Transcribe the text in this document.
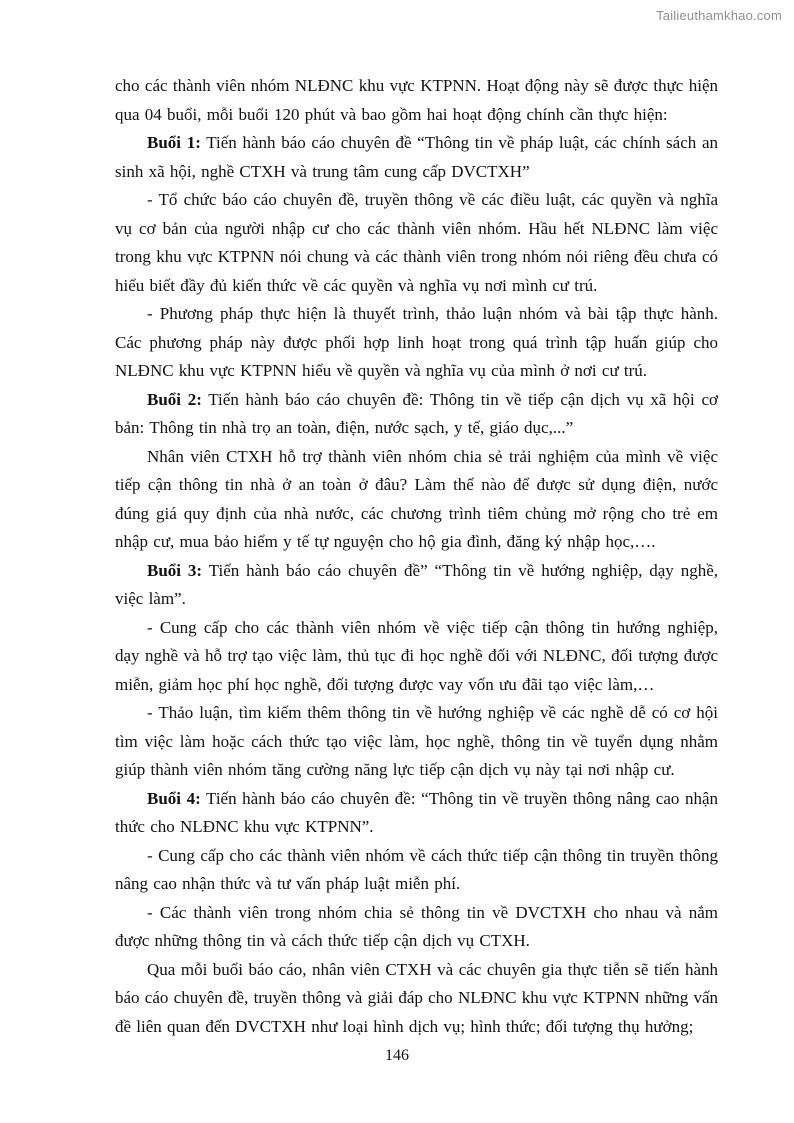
Tailieuthamkhao.com

cho các thành viên nhóm NLĐNC khu vực KTPNN. Hoạt động này sẽ được thực hiện qua 04 buổi, mỗi buổi 120 phút và bao gồm hai hoạt động chính cần thực hiện:

Buổi 1: Tiến hành báo cáo chuyên đề “Thông tin về pháp luật, các chính sách an sinh xã hội, nghề CTXH và trung tâm cung cấp DVCTXH”

- Tổ chức báo cáo chuyên đề, truyền thông về các điều luật, các quyền và nghĩa vụ cơ bản của người nhập cư cho các thành viên nhóm. Hầu hết NLĐNC làm việc trong khu vực KTPNN nói chung và các thành viên trong nhóm nói riêng đều chưa có hiểu biết đầy đủ kiến thức về các quyền và nghĩa vụ nơi mình cư trú.

- Phương pháp thực hiện là thuyết trình, thảo luận nhóm và bài tập thực hành. Các phương pháp này được phối hợp linh hoạt trong quá trình tập huấn giúp cho NLĐNC khu vực KTPNN hiểu về quyền và nghĩa vụ của mình ở nơi cư trú.

Buổi 2: Tiến hành báo cáo chuyên đề: Thông tin về tiếp cận dịch vụ xã hội cơ bản: Thông tin nhà trọ an toàn, điện, nước sạch, y tế, giáo dục,...”

Nhân viên CTXH hỗ trợ thành viên nhóm chia sẻ trải nghiệm của mình về việc tiếp cận thông tin nhà ở an toàn ở đâu? Làm thế nào để được sử dụng điện, nước đúng giá quy định của nhà nước, các chương trình tiêm chủng mở rộng cho trẻ em nhập cư, mua bảo hiểm y tế tự nguyện cho hộ gia đình, đăng ký nhập học,….

Buổi 3: Tiến hành báo cáo chuyên đề” “Thông tin về hướng nghiệp, dạy nghề, việc làm”.

- Cung cấp cho các thành viên nhóm về việc tiếp cận thông tin hướng nghiệp, dạy nghề và hỗ trợ tạo việc làm, thủ tục đi học nghề đối với NLĐNC, đối tượng được miễn, giảm học phí học nghề, đối tượng được vay vốn ưu đãi tạo việc làm,…

- Thảo luận, tìm kiếm thêm thông tin về hướng nghiệp về các nghề dễ có cơ hội tìm việc làm hoặc cách thức tạo việc làm, học nghề, thông tin về tuyển dụng nhằm giúp thành viên nhóm tăng cường năng lực tiếp cận dịch vụ này tại nơi nhập cư.

Buổi 4: Tiến hành báo cáo chuyên đề: “Thông tin về truyền thông nâng cao nhận thức cho NLĐNC khu vực KTPNN”.

- Cung cấp cho các thành viên nhóm về cách thức tiếp cận thông tin truyền thông nâng cao nhận thức và tư vấn pháp luật miễn phí.

- Các thành viên trong nhóm chia sẻ thông tin về DVCTXH cho nhau và nắm được những thông tin và cách thức tiếp cận dịch vụ CTXH.

Qua mỗi buổi báo cáo, nhân viên CTXH và các chuyên gia thực tiễn sẽ tiến hành báo cáo chuyên đề, truyền thông và giải đáp cho NLĐNC khu vực KTPNN những vấn đề liên quan đến DVCTXH như loại hình dịch vụ; hình thức; đối tượng thụ hưởng;

146
